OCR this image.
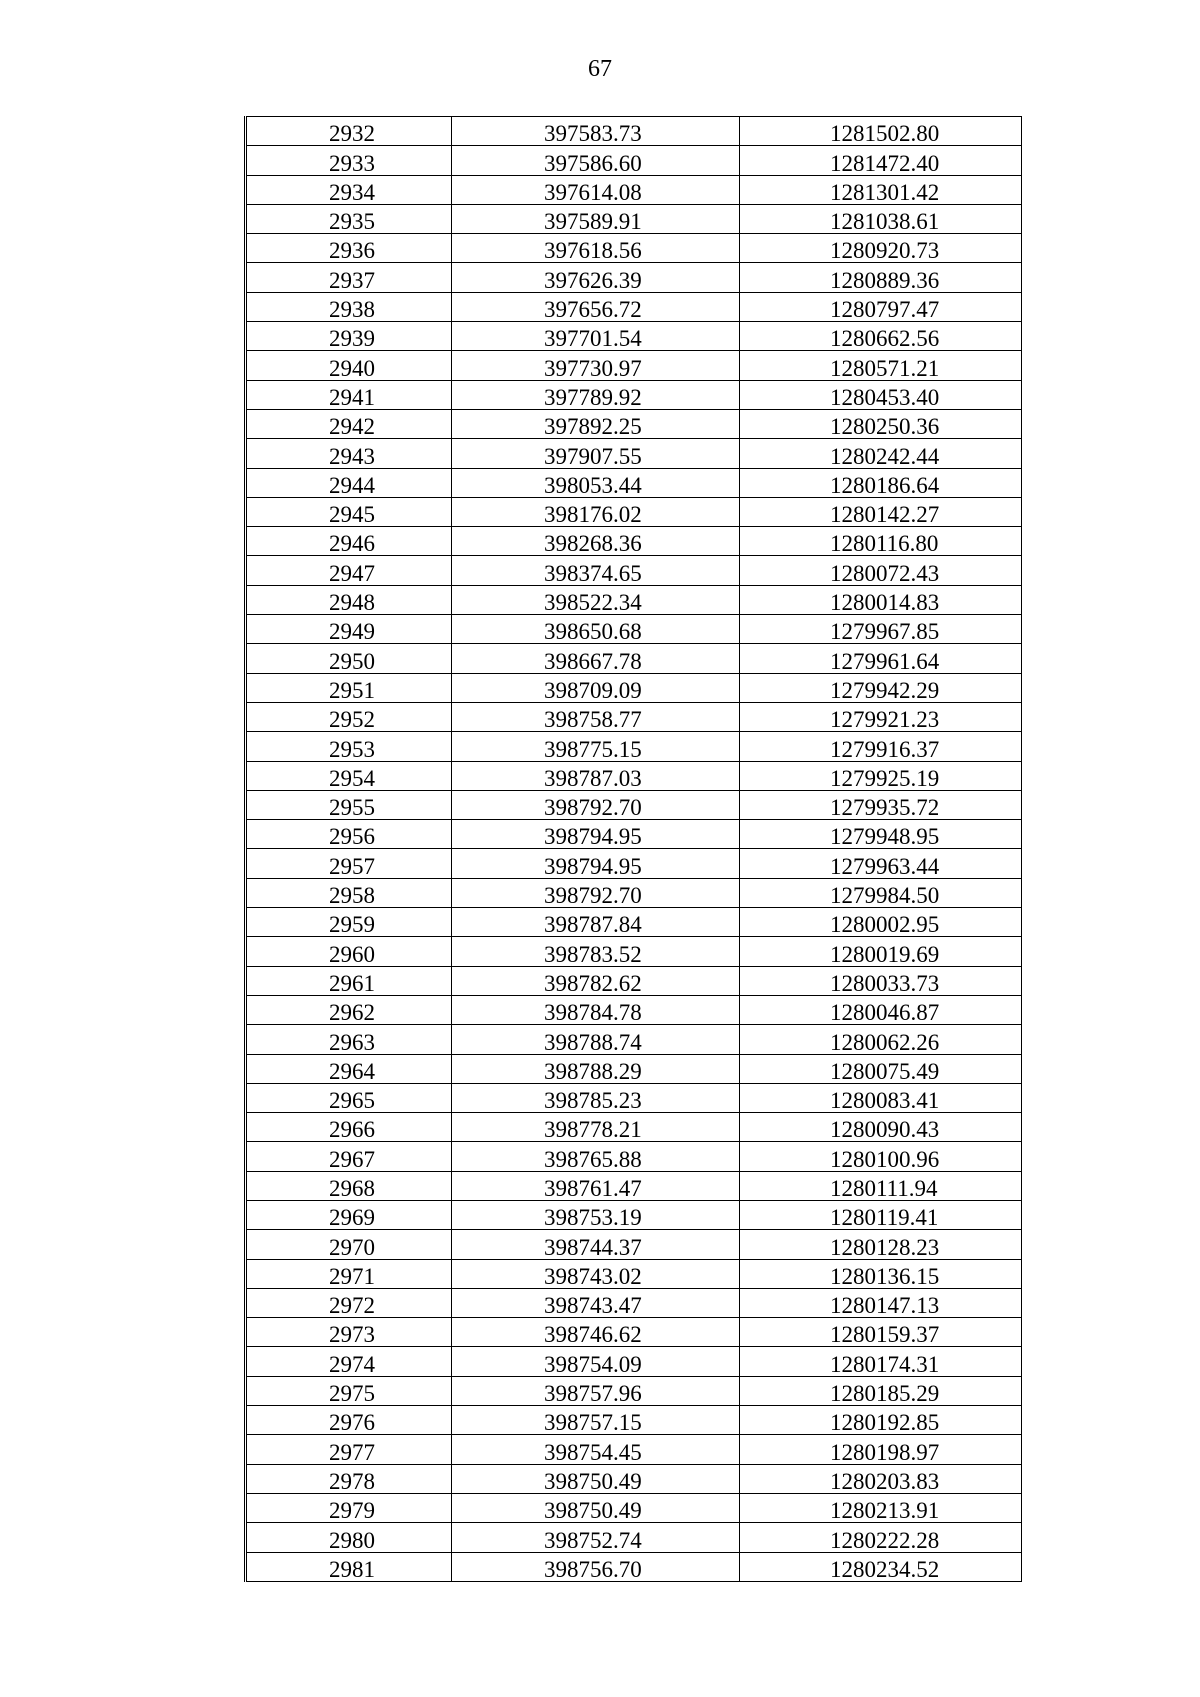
67
2932	397583.73	1281502.80
2933	397586.60	1281472.40
2934	397614.08	1281301.42
2935	397589.91	1281038.61
2936	397618.56	1280920.73
2937	397626.39	1280889.36
2938	397656.72	1280797.47
2939	397701.54	1280662.56
2940	397730.97	1280571.21
2941	397789.92	1280453.40
2942	397892.25	1280250.36
2943	397907.55	1280242.44
2944	398053.44	1280186.64
2945	398176.02	1280142.27
2946	398268.36	1280116.80
2947	398374.65	1280072.43
2948	398522.34	1280014.83
2949	398650.68	1279967.85
2950	398667.78	1279961.64
2951	398709.09	1279942.29
2952	398758.77	1279921.23
2953	398775.15	1279916.37
2954	398787.03	1279925.19
2955	398792.70	1279935.72
2956	398794.95	1279948.95
2957	398794.95	1279963.44
2958	398792.70	1279984.50
2959	398787.84	1280002.95
2960	398783.52	1280019.69
2961	398782.62	1280033.73
2962	398784.78	1280046.87
2963	398788.74	1280062.26
2964	398788.29	1280075.49
2965	398785.23	1280083.41
2966	398778.21	1280090.43
2967	398765.88	1280100.96
2968	398761.47	1280111.94
2969	398753.19	1280119.41
2970	398744.37	1280128.23
2971	398743.02	1280136.15
2972	398743.47	1280147.13
2973	398746.62	1280159.37
2974	398754.09	1280174.31
2975	398757.96	1280185.29
2976	398757.15	1280192.85
2977	398754.45	1280198.97
2978	398750.49	1280203.83
2979	398750.49	1280213.91
2980	398752.74	1280222.28
2981	398756.70	1280234.52
